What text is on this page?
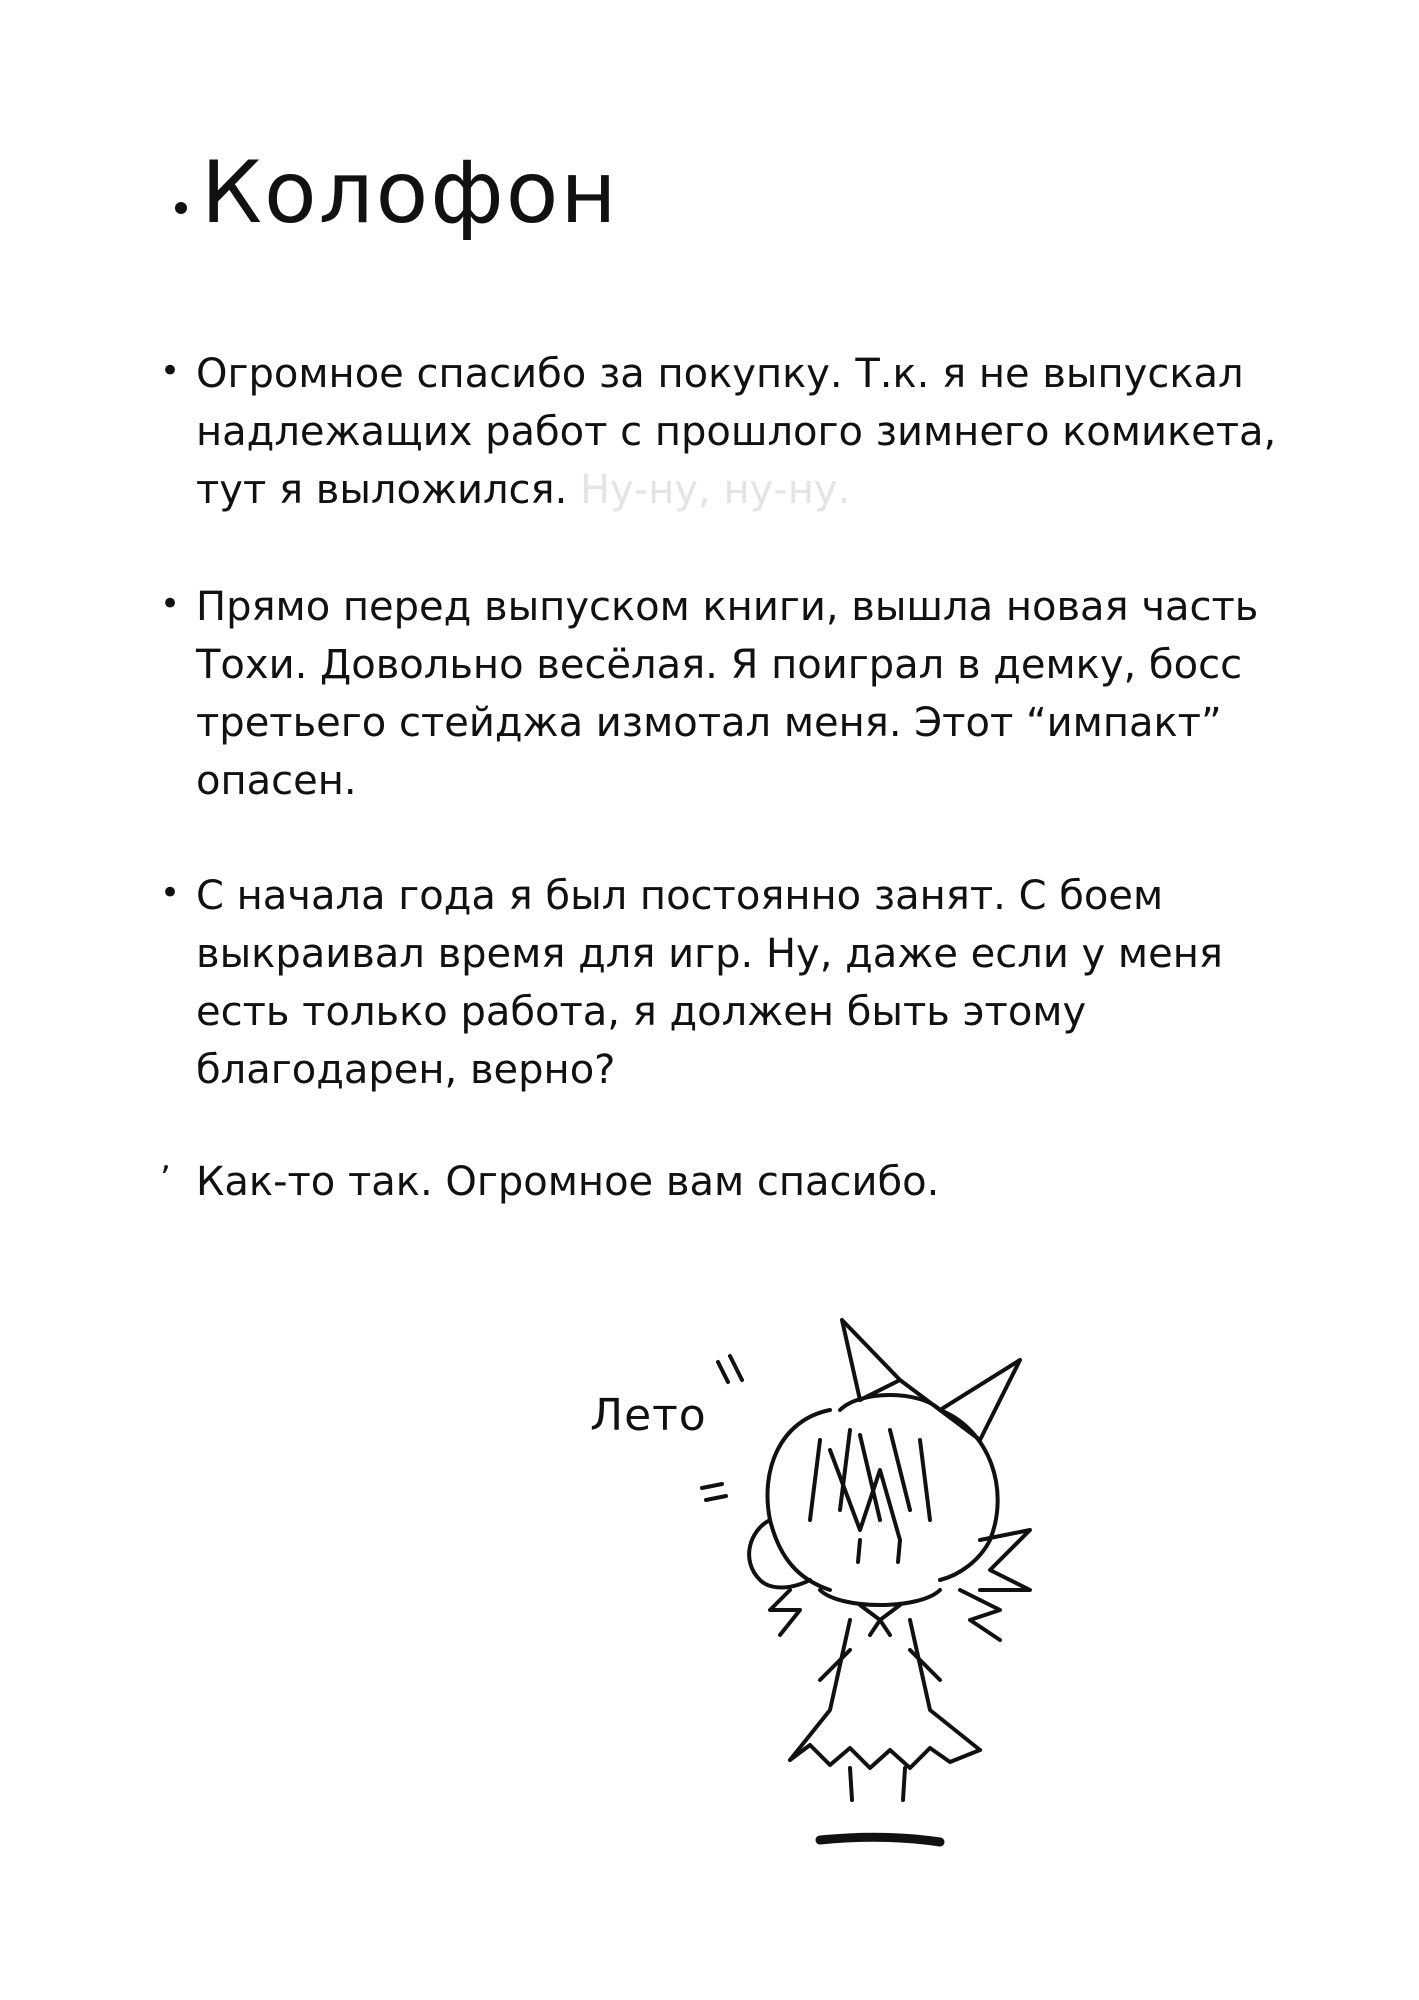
Колофон
• Огромное спасибо за покупку. Т.к. я не выпускал надлежащих работ с прошлого зимнего комикета, тут я выложился. Ну-ну, ну-ну.
• Прямо перед выпуском книги, вышла новая часть Тохи. Довольно весёлая. Я поиграл в демку, босс третьего стейджа измотал меня. Этот “импакт” опасен.
• С начала года я был постоянно занят. С боем выкраивал время для игр. Ну, даже если у меня есть только работа, я должен быть этому благодарен, верно?
’ Как-то так. Огромное вам спасибо.
Лето
